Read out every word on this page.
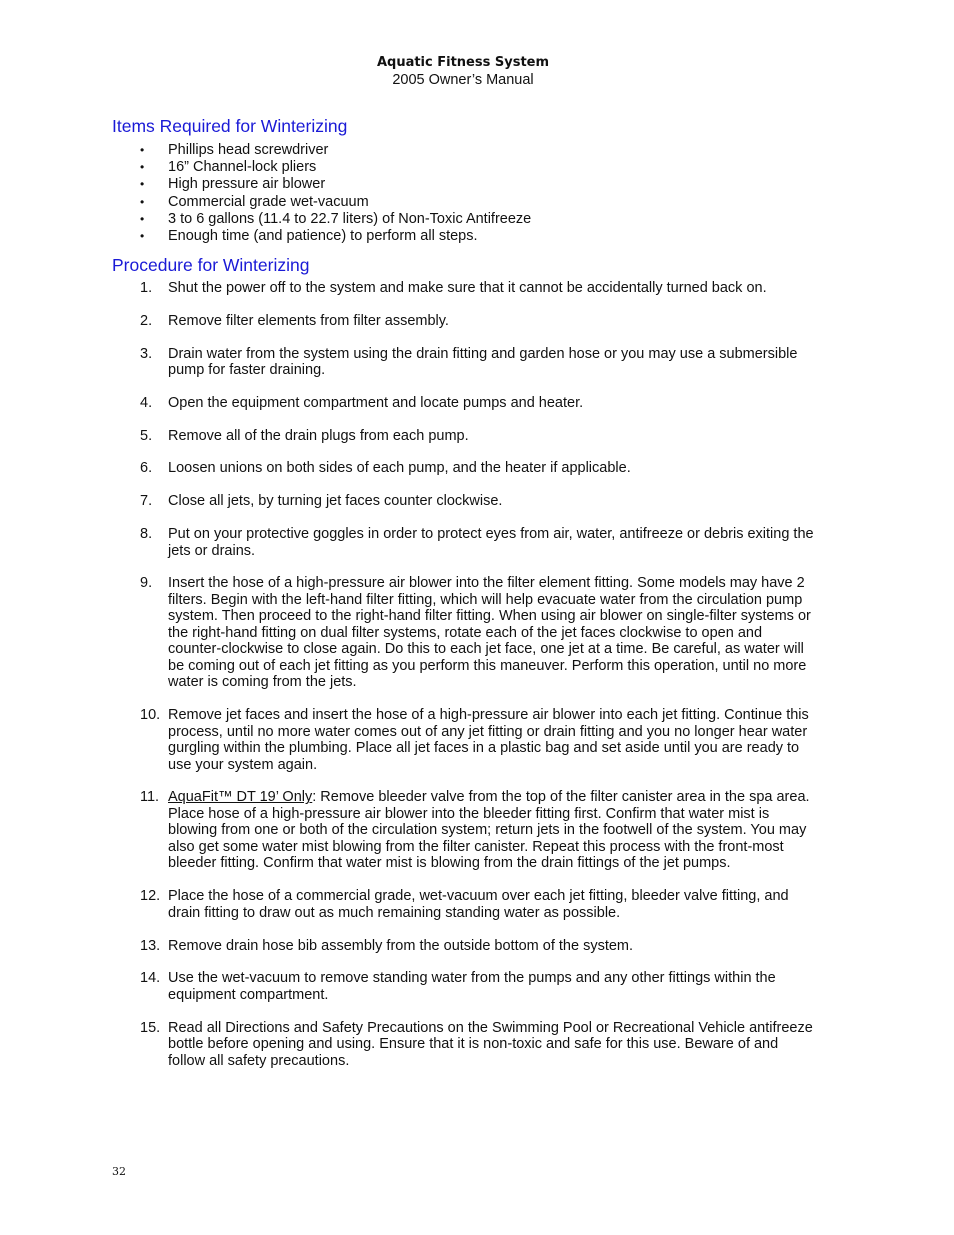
Aquatic Fitness System
2005 Owner’s Manual
Items Required for Winterizing
• Phillips head screwdriver
• 16” Channel-lock pliers
• High pressure air blower
• Commercial grade wet-vacuum
• 3 to 6 gallons (11.4 to 22.7 liters) of Non-Toxic Antifreeze
• Enough time (and patience) to perform all steps.
Procedure for Winterizing
1.	Shut the power off to the system and make sure that it cannot be accidentally turned back on.
2.	Remove filter elements from filter assembly.
3.	Drain water from the system using the drain fitting and garden hose or you may use a submersible pump for faster draining.
4.	Open the equipment compartment and locate pumps and heater.
5.	Remove all of the drain plugs from each pump.
6.	Loosen unions on both sides of each pump, and the heater if applicable.
7.	Close all jets, by turning jet faces counter clockwise.
8.	Put on your protective goggles in order to protect eyes from air, water, antifreeze or debris exiting the jets or drains.
9.	Insert the hose of a high-pressure air blower into the filter element fitting. Some models may have 2 filters. Begin with the left-hand filter fitting, which will help evacuate water from the circulation pump system. Then proceed to the right-hand filter fitting. When using air blower on single-filter systems or the right-hand fitting on dual filter systems, rotate each of the jet faces clockwise to open and counter-clockwise to close again. Do this to each jet face, one jet at a time. Be careful, as water will be coming out of each jet fitting as you perform this maneuver. Perform this operation, until no more water is coming from the jets.
10. Remove jet faces and insert the hose of a high-pressure air blower into each jet fitting. Continue this process, until no more water comes out of any jet fitting or drain fitting and you no longer hear water gurgling within the plumbing. Place all jet faces in a plastic bag and set aside until you are ready to use your system again.
11. AquaFit™ DT 19’ Only: Remove bleeder valve from the top of the filter canister area in the spa area. Place hose of a high-pressure air blower into the bleeder fitting first. Confirm that water mist is blowing from one or both of the circulation system; return jets in the footwell of the system. You may also get some water mist blowing from the filter canister. Repeat this process with the front-most bleeder fitting. Confirm that water mist is blowing from the drain fittings of the jet pumps.
12. Place the hose of a commercial grade, wet-vacuum over each jet fitting, bleeder valve fitting, and drain fitting to draw out as much remaining standing water as possible.
13. Remove drain hose bib assembly from the outside bottom of the system.
14. Use the wet-vacuum to remove standing water from the pumps and any other fittings within the equipment compartment.
15. Read all Directions and Safety Precautions on the Swimming Pool or Recreational Vehicle antifreeze bottle before opening and using. Ensure that it is non-toxic and safe for this use. Beware of and follow all safety precautions.
32
